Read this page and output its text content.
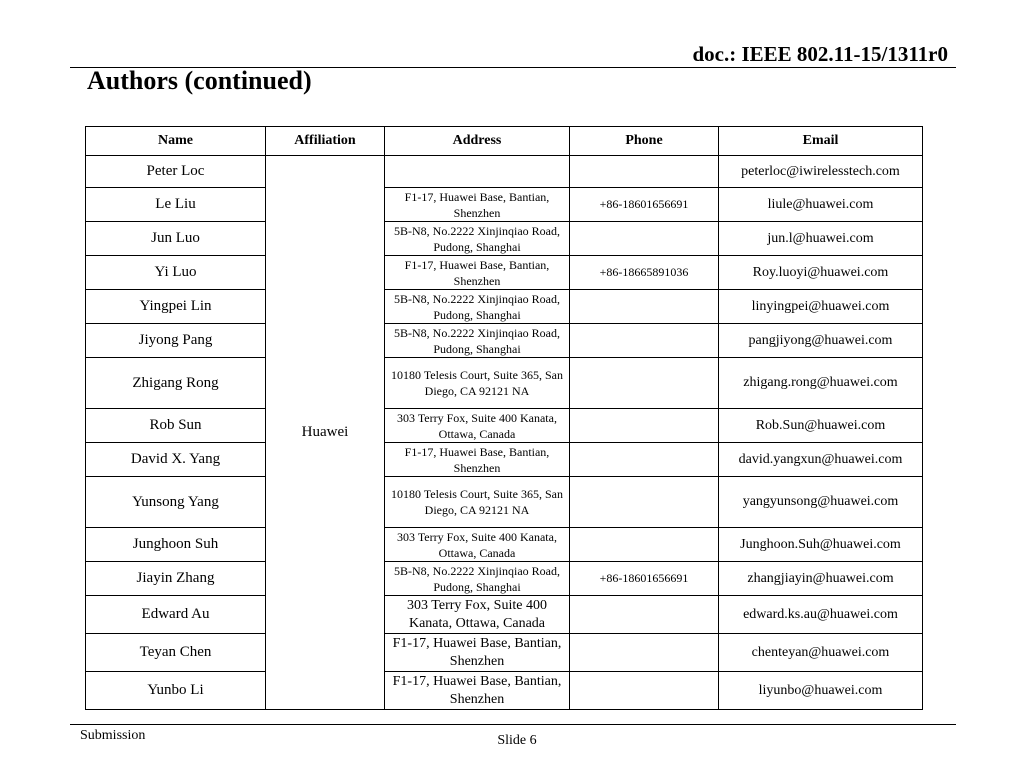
doc.: IEEE 802.11-15/1311r0
Authors (continued)
Name	Affiliation	Address	Phone	Email
Peter Loc	Huawei			peterloc@iwirelesstech.com
Le Liu		F1-17, Huawei Base, Bantian, Shenzhen	+86-18601656691	liule@huawei.com
Jun Luo		5B-N8, No.2222 Xinjinqiao Road, Pudong, Shanghai		jun.l@huawei.com
Yi Luo		F1-17, Huawei Base, Bantian, Shenzhen	+86-18665891036	Roy.luoyi@huawei.com
Yingpei Lin		5B-N8, No.2222 Xinjinqiao Road, Pudong, Shanghai		linyingpei@huawei.com
Jiyong Pang		5B-N8, No.2222 Xinjinqiao Road, Pudong, Shanghai		pangjiyong@huawei.com
Zhigang Rong		10180 Telesis Court, Suite 365, San Diego, CA 92121 NA		zhigang.rong@huawei.com
Rob Sun		303 Terry Fox, Suite 400 Kanata, Ottawa, Canada		Rob.Sun@huawei.com
David X. Yang		F1-17, Huawei Base, Bantian, Shenzhen		david.yangxun@huawei.com
Yunsong Yang		10180 Telesis Court, Suite 365, San Diego, CA 92121 NA		yangyunsong@huawei.com
Junghoon Suh		303 Terry Fox, Suite 400 Kanata, Ottawa, Canada		Junghoon.Suh@huawei.com
Jiayin Zhang		5B-N8, No.2222 Xinjinqiao Road, Pudong, Shanghai	+86-18601656691	zhangjiayin@huawei.com
Edward Au		303 Terry Fox, Suite 400 Kanata, Ottawa, Canada		edward.ks.au@huawei.com
Teyan Chen		F1-17, Huawei Base, Bantian, Shenzhen		chenteyan@huawei.com
Yunbo Li		F1-17, Huawei Base, Bantian, Shenzhen		liyunbo@huawei.com
Submission	Slide 6
